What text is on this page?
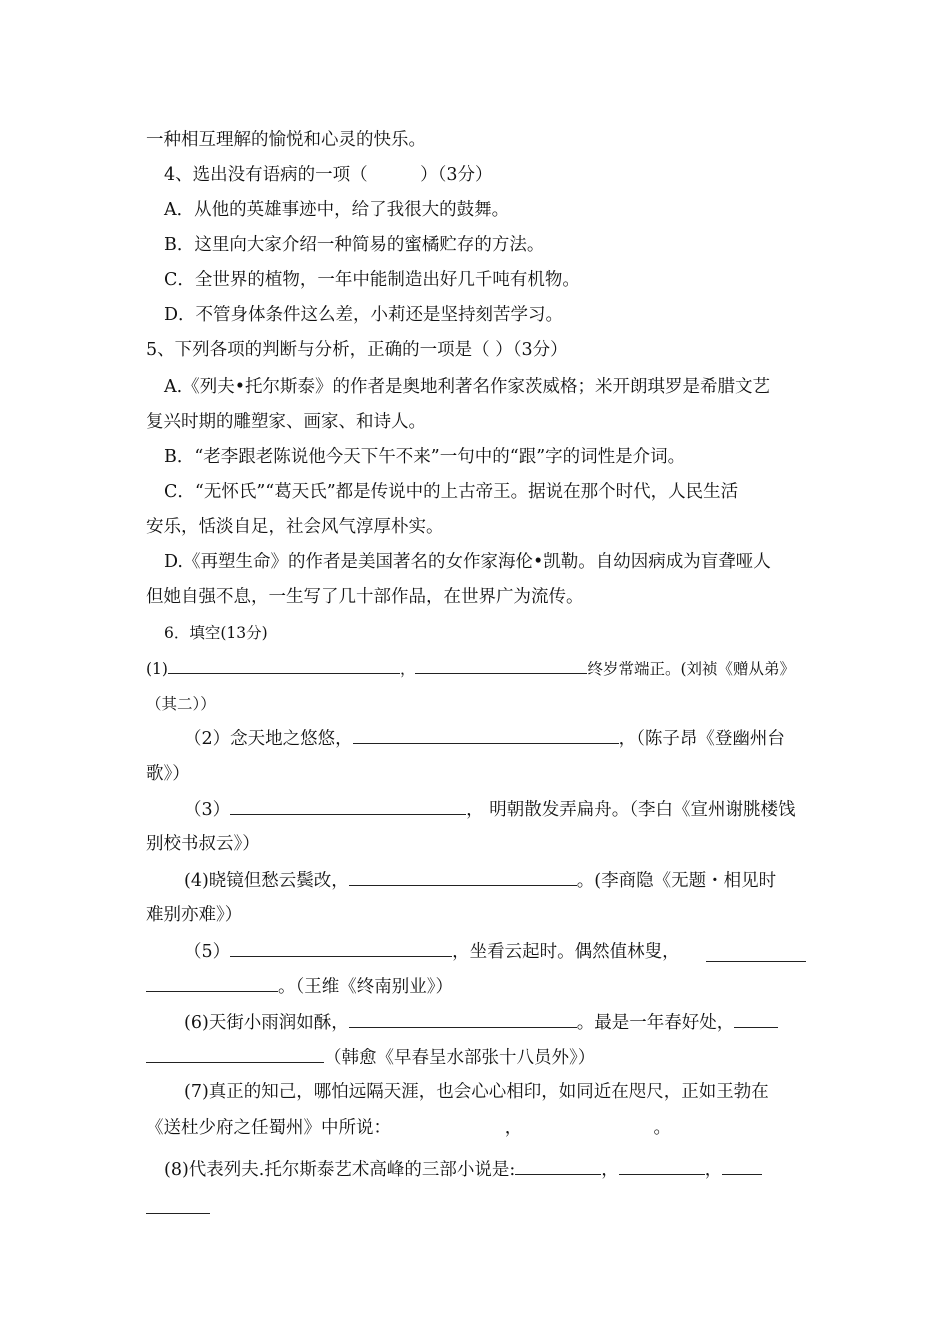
一种相互理解的愉悦和心灵的快乐。
4、选出没有语病的一项（　　　）（3分）
A．从他的英雄事迹中，给了我很大的鼓舞。
B．这里向大家介绍一种简易的蜜橘贮存的方法。
C．全世界的植物，一年中能制造出好几千吨有机物。
D．不管身体条件这么差，小莉还是坚持刻苦学习。
5、下列各项的判断与分析，正确的一项是（ ）（3分）
A.《列夫•托尔斯泰》的作者是奥地利著名作家茨威格；米开朗琪罗是希腊文艺
复兴时期的雕塑家、画家、和诗人。
B．“老李跟老陈说他今天下午不来”一句中的“跟”字的词性是介词。
C．“无怀氏”“葛天氏”都是传说中的上古帝王。据说在那个时代，人民生活
安乐，恬淡自足，社会风气淳厚朴实。
D.《再塑生命》的作者是美国著名的女作家海伦•凯勒。自幼因病成为盲聋哑人
但她自强不息，一生写了几十部作品，在世界广为流传。
6．填空(13分)
(1)	，	终岁常端正。(刘祯《赠从弟》
（其二））
（2）念天地之悠悠，	，（陈子昂《登幽州台
歌》）
（3）	， 明朝散发弄扁舟。（李白《宣州谢朓楼饯
别校书叔云》）
(4)晓镜但愁云鬓改，	。(李商隐《无题・相见时
难别亦难》）
（5）	，坐看云起时。偶然值林叟，
。（王维《终南别业》）
(6)天街小雨润如酥，	。最是一年春好处，
（韩愈《早春呈水部张十八员外》）
(7)真正的知己，哪怕远隔天涯，也会心心相印，如同近在咫尺，正如王勃在
《送杜少府之任蜀州》中所说：　　　　　　　，　　　　　　　　。
(8)代表列夫.托尔斯泰艺术高峰的三部小说是:	，	，
